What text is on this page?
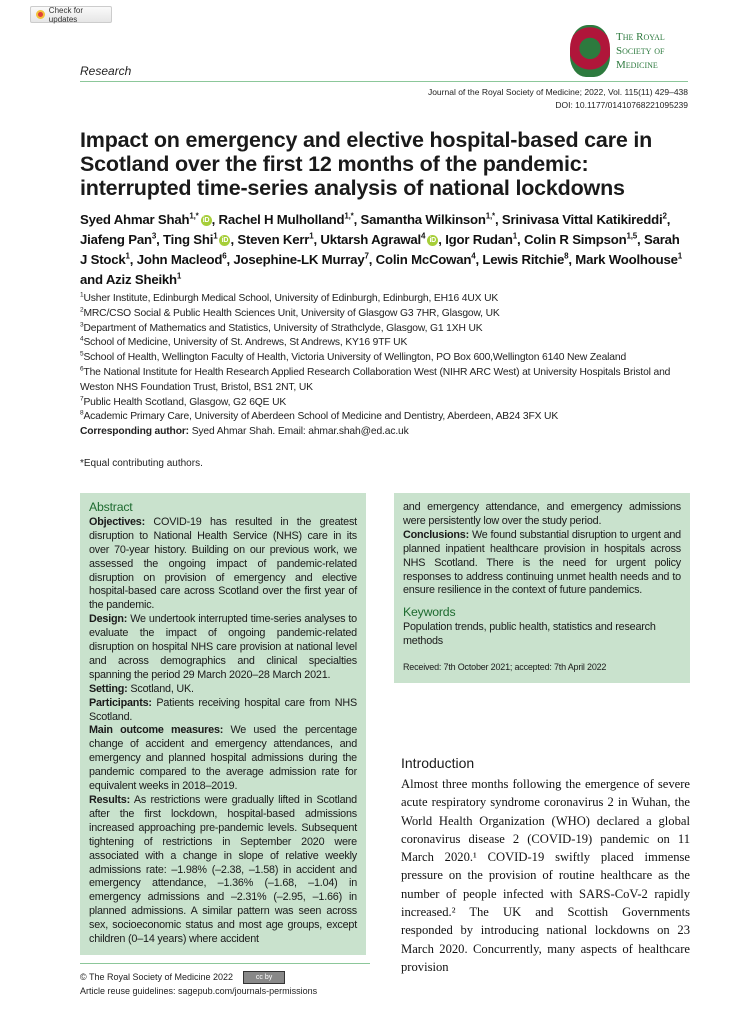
Check for updates
Research
The Royal
Society of
Medicine
Journal of the Royal Society of Medicine; 2022, Vol. 115(11) 429–438
DOI: 10.1177/01410768221095239
Impact on emergency and elective hospital-based care in Scotland over the first 12 months of the pandemic: interrupted time-series analysis of national lockdowns
Syed Ahmar Shah$^{1,*}$ iD , Rachel H Mulholland$^{1,*}$, Samantha Wilkinson$^{1,*}$, Srinivasa Vittal Katikireddi$^2$, Jiafeng Pan$^3$, Ting Shi$^1$ iD , Steven Kerr$^1$, Uktarsh Agrawal$^4$ iD , Igor Rudan$^1$, Colin R Simpson$^{1,5}$, Sarah J Stock$^1$, John Macleod$^6$, Josephine-LK Murray$^7$, Colin McCowan$^4$, Lewis Ritchie$^8$, Mark Woolhouse$^1$ and Aziz Sheikh$^1$
$^1$Usher Institute, Edinburgh Medical School, University of Edinburgh, Edinburgh, EH16 4UX UK
$^2$MRC/CSO Social & Public Health Sciences Unit, University of Glasgow G3 7HR, Glasgow, UK
$^3$Department of Mathematics and Statistics, University of Strathclyde, Glasgow, G1 1XH UK
$^4$School of Medicine, University of St. Andrews, St Andrews, KY16 9TF UK
$^5$School of Health, Wellington Faculty of Health, Victoria University of Wellington, PO Box 600,Wellington 6140 New Zealand
$^6$The National Institute for Health Research Applied Research Collaboration West (NIHR ARC West) at University Hospitals Bristol and Weston NHS Foundation Trust, Bristol, BS1 2NT, UK
$^7$Public Health Scotland, Glasgow, G2 6QE UK
$^8$Academic Primary Care, University of Aberdeen School of Medicine and Dentistry, Aberdeen, AB24 3FX UK
Corresponding author: Syed Ahmar Shah. Email: ahmar.shah@ed.ac.uk
*Equal contributing authors.
Abstract
Objectives: COVID-19 has resulted in the greatest disruption to National Health Service (NHS) care in its over 70-year history. Building on our previous work, we assessed the ongoing impact of pandemic-related disruption on provision of emergency and elective hospital-based care across Scotland over the first year of the pandemic.
Design: We undertook interrupted time-series analyses to evaluate the impact of ongoing pandemic-related disruption on hospital NHS care provision at national level and across demographics and clinical specialties spanning the period 29 March 2020–28 March 2021.
Setting: Scotland, UK.
Participants: Patients receiving hospital care from NHS Scotland.
Main outcome measures: We used the percentage change of accident and emergency attendances, and emergency and planned hospital admissions during the pandemic compared to the average admission rate for equivalent weeks in 2018–2019.
Results: As restrictions were gradually lifted in Scotland after the first lockdown, hospital-based admissions increased approaching pre-pandemic levels. Subsequent tightening of restrictions in September 2020 were associated with a change in slope of relative weekly admissions rate: –1.98% (–2.38, –1.58) in accident and emergency attendance, –1.36% (–1.68, –1.04) in emergency admissions and –2.31% (–2.95, –1.66) in planned admissions. A similar pattern was seen across sex, socioeconomic status and most age groups, except children (0–14 years) where accident
© The Royal Society of Medicine 2022	cc by
Article reuse guidelines: sagepub.com/journals-permissions
and emergency attendance, and emergency admissions were persistently low over the study period.
Conclusions: We found substantial disruption to urgent and planned inpatient healthcare provision in hospitals across NHS Scotland. There is the need for urgent policy responses to address continuing unmet health needs and to ensure resilience in the context of future pandemics.
Keywords
Population trends, public health, statistics and research methods
Received: 7th October 2021; accepted: 7th April 2022
Introduction

Almost three months following the emergence of severe acute respiratory syndrome coronavirus 2 in Wuhan, the World Health Organization (WHO) declared a global coronavirus disease 2 (COVID-19) pandemic on 11 March 2020.¹ COVID-19 swiftly placed immense pressure on the provision of routine healthcare as the number of people infected with SARS-CoV-2 rapidly increased.² The UK and Scottish Governments responded by introducing national lockdowns on 23 March 2020. Concurrently, many aspects of healthcare provision
